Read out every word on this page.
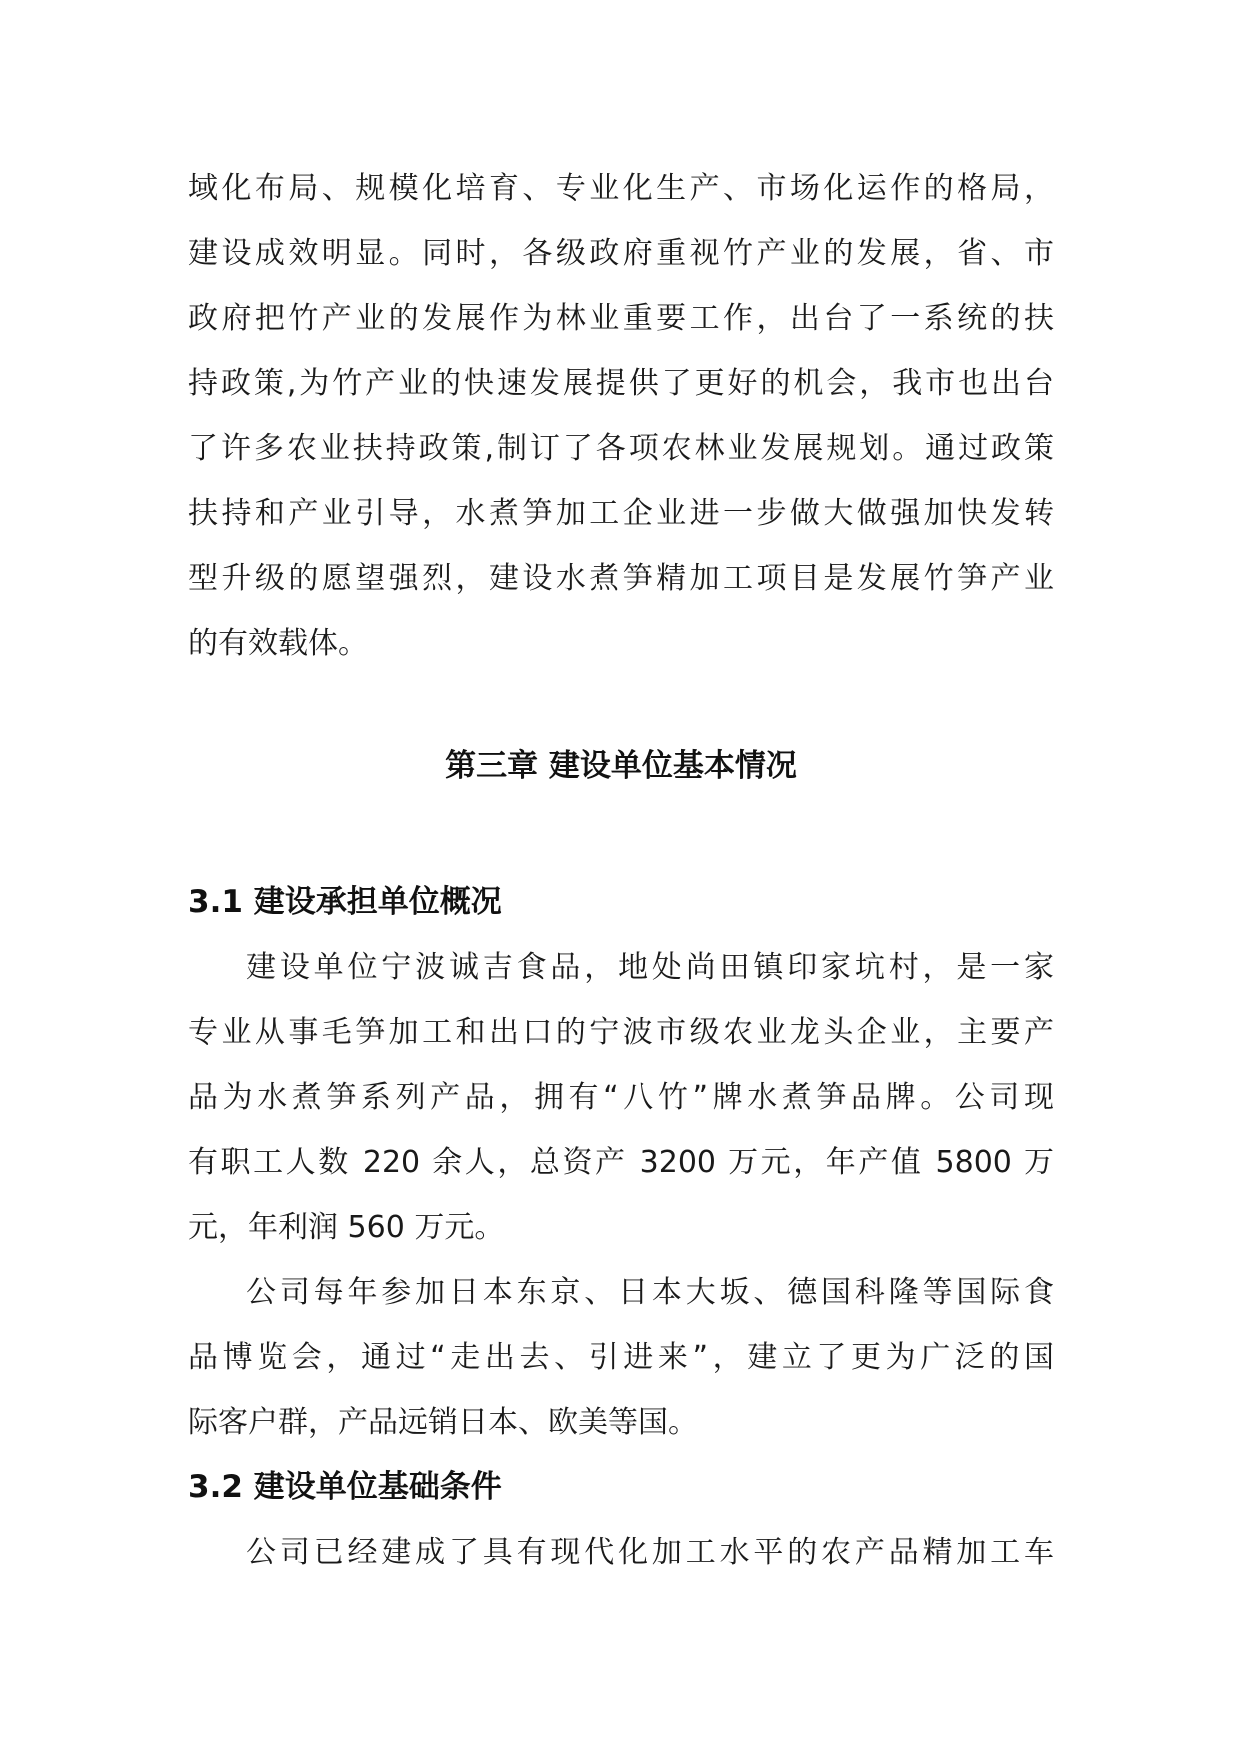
域化布局、规模化培育、专业化生产、市场化运作的格局，
建设成效明显。同时，各级政府重视竹产业的发展，省、市
政府把竹产业的发展作为林业重要工作，出台了一系统的扶
持政策,为竹产业的快速发展提供了更好的机会，我市也出台
了许多农业扶持政策,制订了各项农林业发展规划。通过政策
扶持和产业引导，水煮笋加工企业进一步做大做强加快发转
型升级的愿望强烈，建设水煮笋精加工项目是发展竹笋产业
的有效载体。
第三章 建设单位基本情况
3.1 建设承担单位概况
建设单位宁波诚吉食品，地处尚田镇印家坑村，是一家
专业从事毛笋加工和出口的宁波市级农业龙头企业，主要产
品为水煮笋系列产品，拥有“八竹”牌水煮笋品牌。公司现
有职工人数 220 余人，总资产 3200 万元，年产值 5800 万
元，年利润 560 万元。
公司每年参加日本东京、日本大坂、德国科隆等国际食
品博览会，通过“走出去、引进来”，建立了更为广泛的国
际客户群，产品远销日本、欧美等国。
3.2 建设单位基础条件
公司已经建成了具有现代化加工水平的农产品精加工车
